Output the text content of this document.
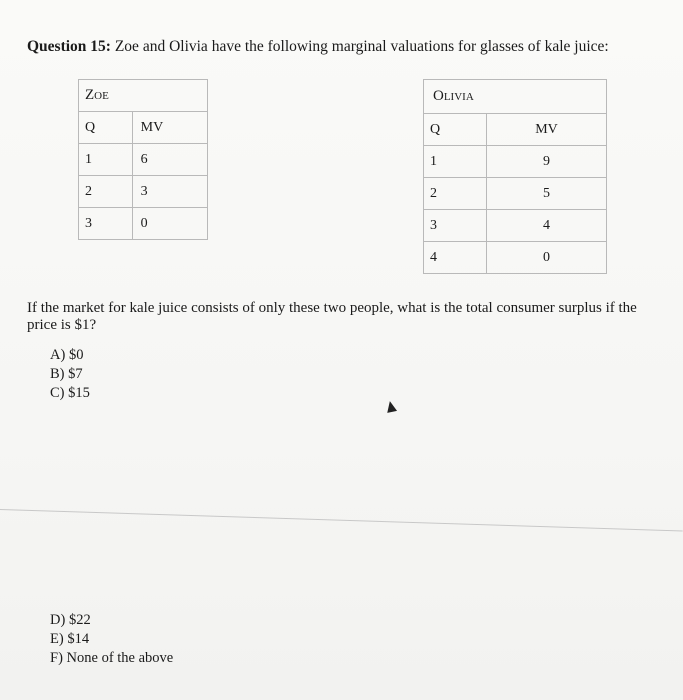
Question 15: Zoe and Olivia have the following marginal valuations for glasses of kale juice:
Zoe	
Q	MV
1	6
2	3
3	0
Olivia	
Q	MV
1	9
2	5
3	4
4	0
If the market for kale juice consists of only these two people, what is the total consumer surplus if the price is $1?
A) $0
B) $7
C) $15
D) $22
E) $14
F) None of the above
